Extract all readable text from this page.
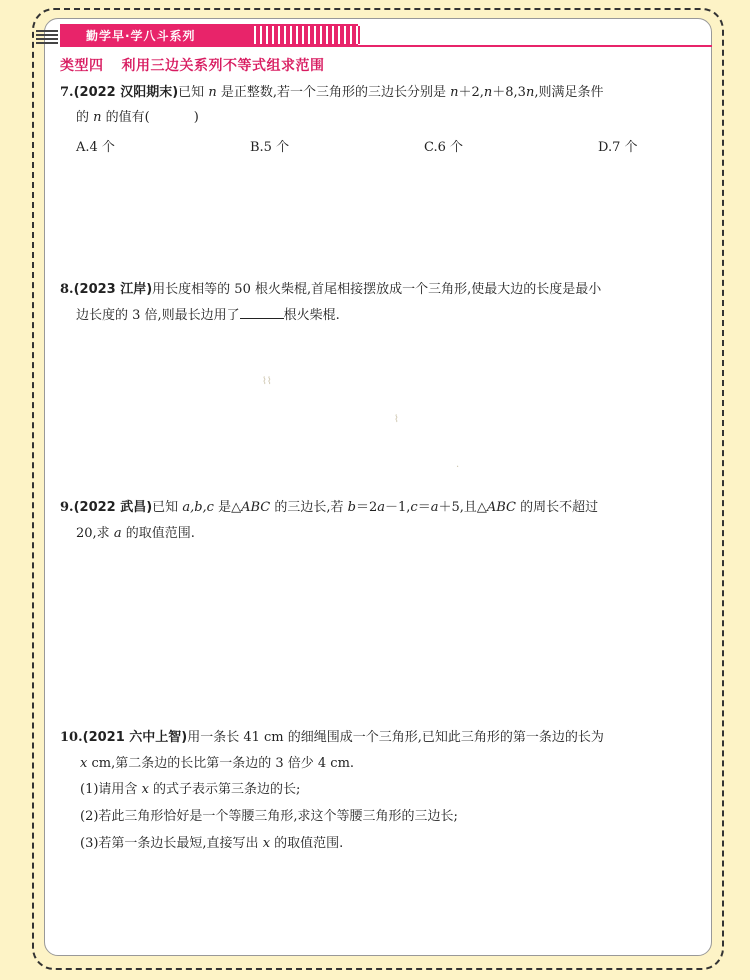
勤学早·学八斗系列
类型四 利用三边关系列不等式组求范围
7.(2022 汉阳期末)已知 n 是正整数,若一个三角形的三边长分别是 n＋2,n＋8,3n,则满足条件
的 n 的值有(	)
A.4 个	B.5 个	C.6 个	D.7 个
8.(2023 江岸)用长度相等的 50 根火柴棍,首尾相接摆放成一个三角形,使最大边的长度是最小
边长度的 3 倍,则最长边用了	根火柴棍.
⌇⌇
⌇
·
9.(2022 武昌)已知 a,b,c 是△ABC 的三边长,若 b＝2a－1,c＝a＋5,且△ABC 的周长不超过
20,求 a 的取值范围.
10.(2021 六中上智)用一条长 41 cm 的细绳围成一个三角形,已知此三角形的第一条边的长为
x cm,第二条边的长比第一条边的 3 倍少 4 cm.
(1)请用含 x 的式子表示第三条边的长;
(2)若此三角形恰好是一个等腰三角形,求这个等腰三角形的三边长;
(3)若第一条边长最短,直接写出 x 的取值范围.
